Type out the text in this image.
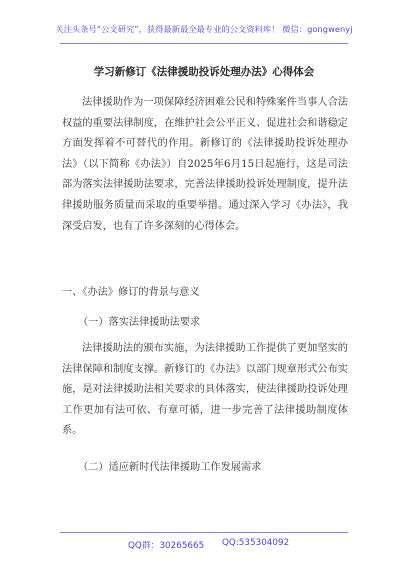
关注头条号“公文研究”，获得最新最全最专业的公文资料库！ 微信：gongwenyj
学习新修订《法律援助投诉处理办法》心得体会

法律援助作为一项保障经济困难公民和特殊案件当事人合法权益的重要法律制度，在维护社会公平正义、促进社会和谐稳定方面发挥着不可替代的作用。新修订的《法律援助投诉处理办法》（以下简称《办法》）自2025年6月15日起施行，这是司法部为落实法律援助法要求，完善法律援助投诉处理制度，提升法律援助服务质量而采取的重要举措。通过深入学习《办法》，我深受启发，也有了许多深刻的心得体会。

一、《办法》修订的背景与意义
（一）落实法律援助法要求

法律援助法的颁布实施，为法律援助工作提供了更加坚实的法律保障和制度支撑。新修订的《办法》以部门规章形式公布实施，是对法律援助法相关要求的具体落实，使法律援助投诉处理工作更加有法可依、有章可循，进一步完善了法律援助制度体系。

（二）适应新时代法律援助工作发展需求
QQ群：30265665 QQ:535304092
